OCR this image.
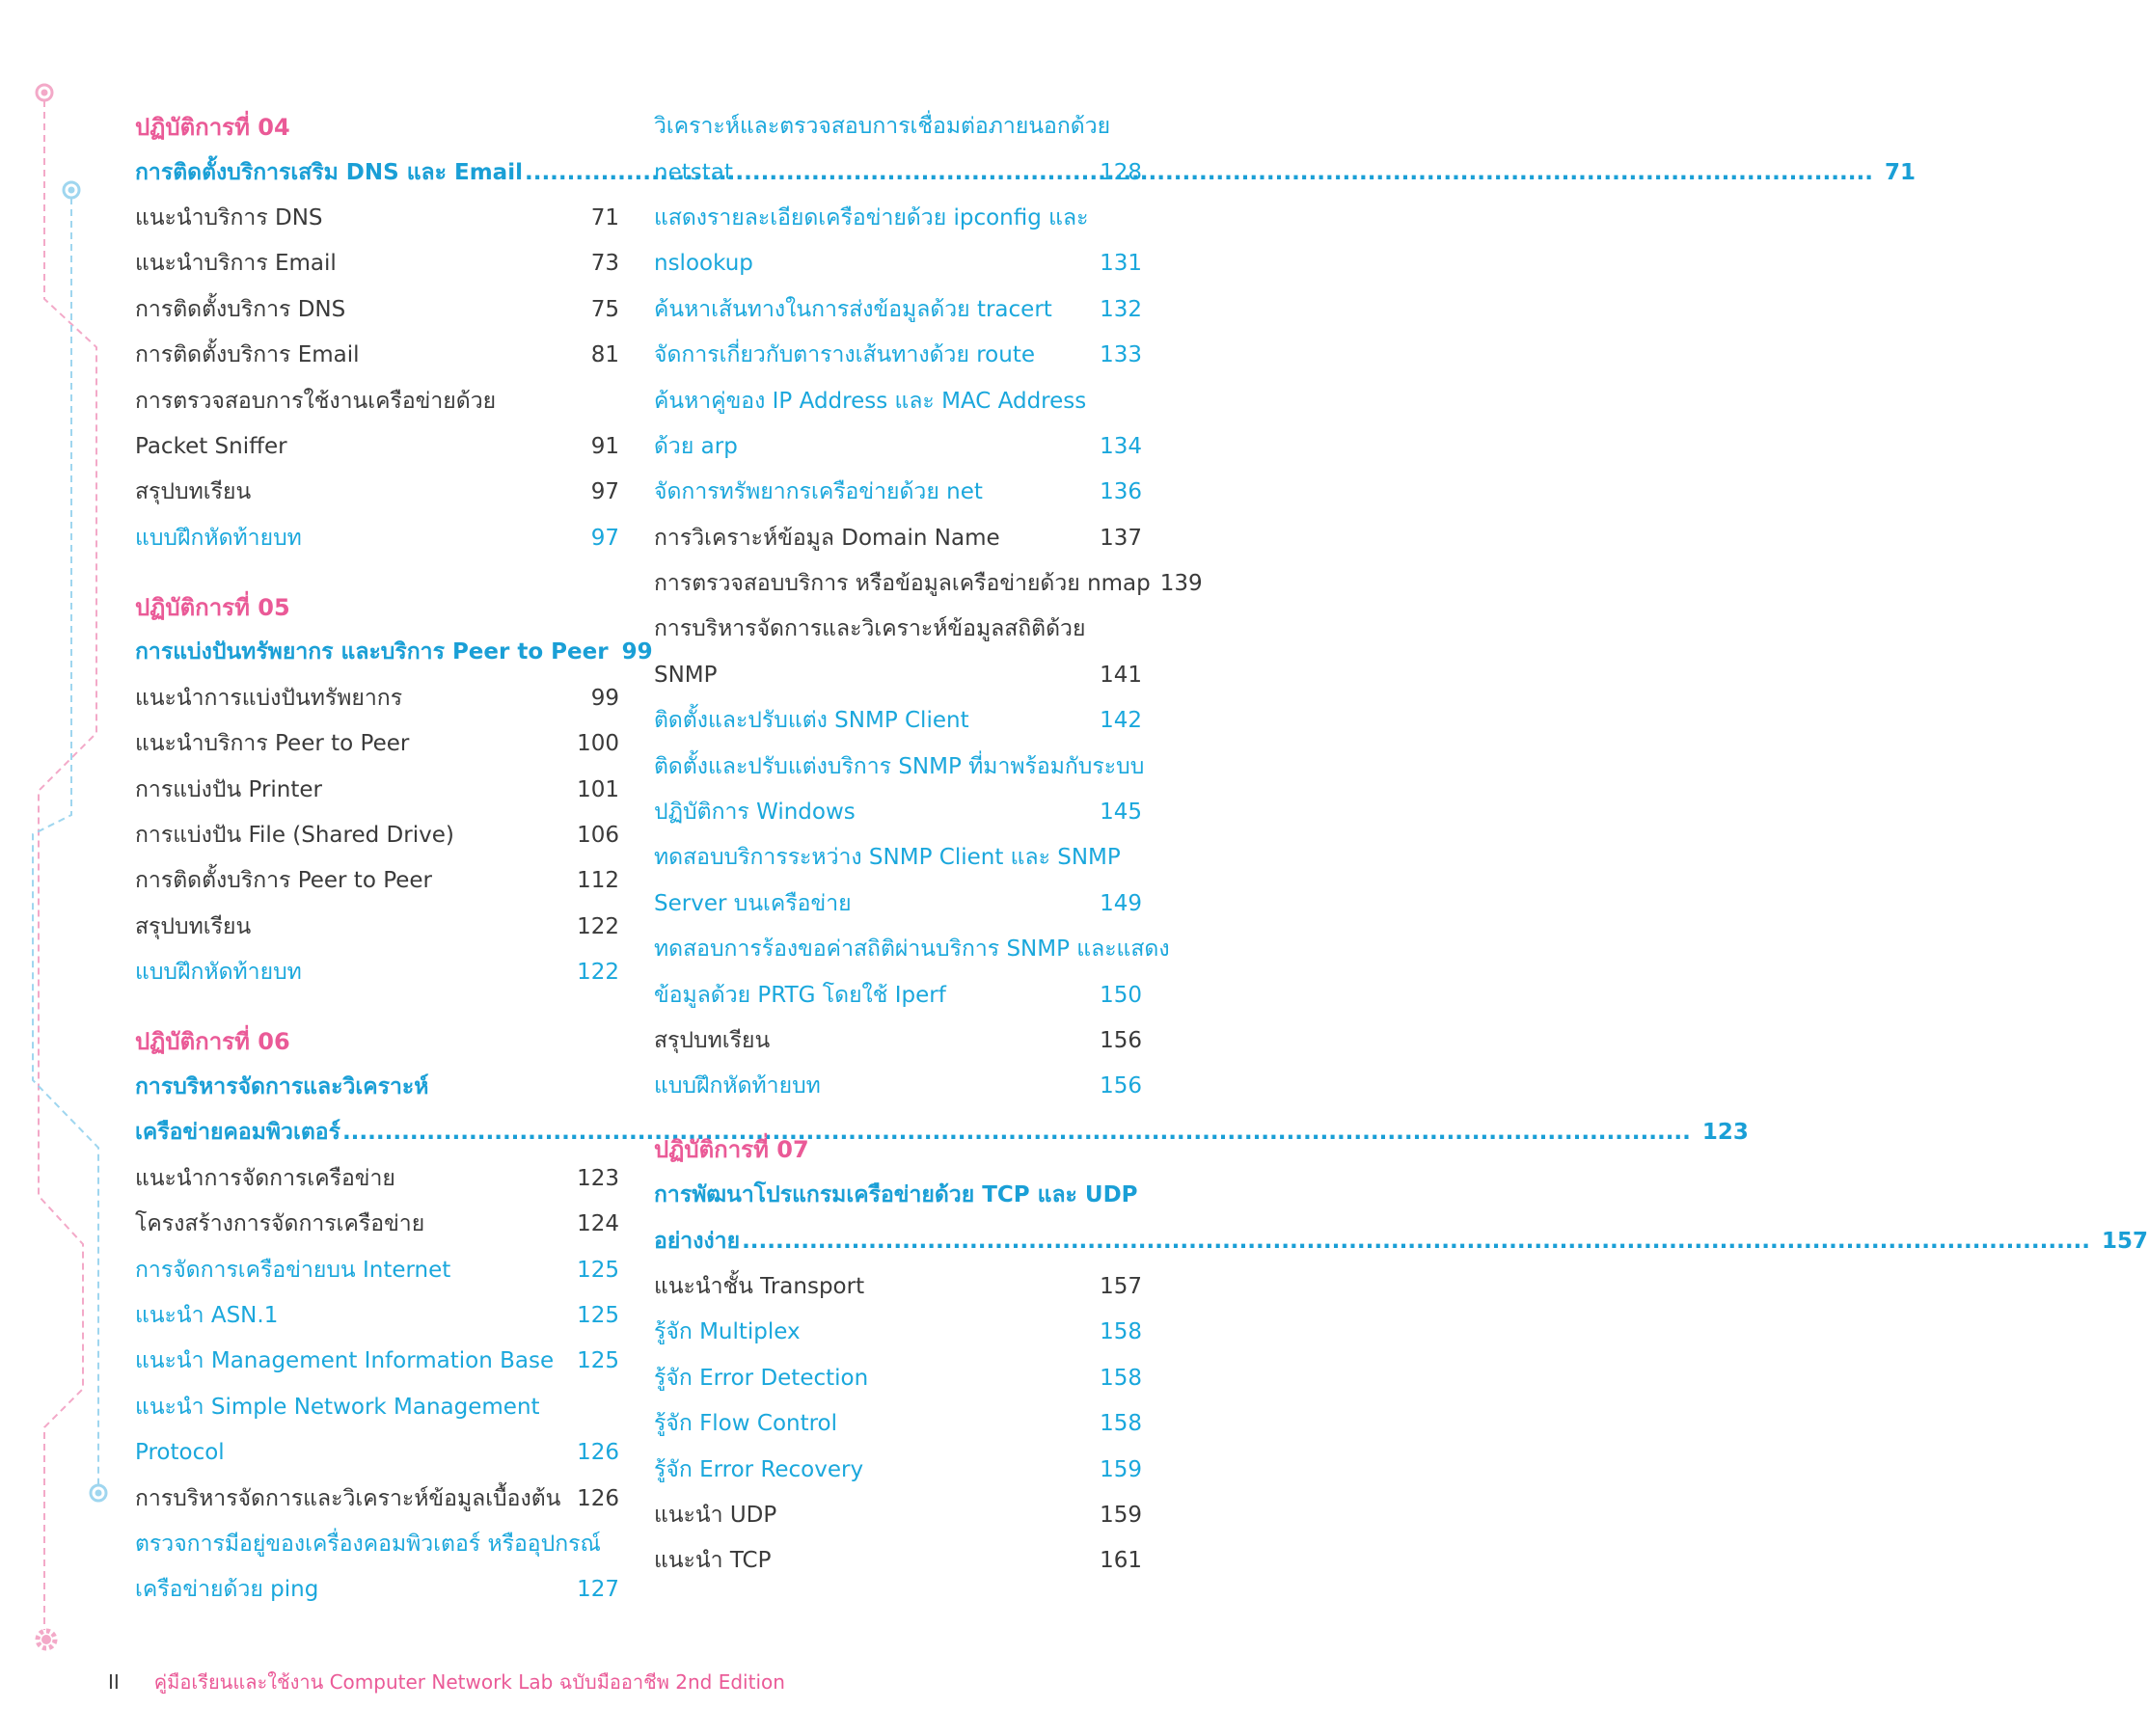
ปฏิบัติการที่ 04
การติดตั้งบริการเสริม DNS และ Email .....	71
แนะนำบริการ DNS	71
แนะนำบริการ Email	73
การติดตั้งบริการ DNS	75
การติดตั้งบริการ Email	81
การตรวจสอบการใช้งานเครือข่ายด้วย
Packet Sniffer	91
สรุปบทเรียน	97
แบบฝึกหัดท้ายบท	97
ปฏิบัติการที่ 05
การแบ่งปันทรัพยากร และบริการ Peer to Peer 99
แนะนำการแบ่งปันทรัพยากร	99
แนะนำบริการ Peer to Peer	100
การแบ่งปัน Printer	101
การแบ่งปัน File (Shared Drive)	106
การติดตั้งบริการ Peer to Peer	112
สรุปบทเรียน	122
แบบฝึกหัดท้ายบท	122
ปฏิบัติการที่ 06
การบริหารจัดการและวิเคราะห์
เครือข่ายคอมพิวเตอร์ .....	123
แนะนำการจัดการเครือข่าย	123
โครงสร้างการจัดการเครือข่าย	124
การจัดการเครือข่ายบน Internet	125
แนะนำ ASN.1	125
แนะนำ Management Information Base	125
แนะนำ Simple Network Management
Protocol	126
การบริหารจัดการและวิเคราะห์ข้อมูลเบื้องต้น 126
ตรวจการมีอยู่ของเครื่องคอมพิวเตอร์ หรืออุปกรณ์
เครือข่ายด้วย ping	127
วิเคราะห์และตรวจสอบการเชื่อมต่อภายนอกด้วย
netstat	128
แสดงรายละเอียดเครือข่ายด้วย ipconfig และ
nslookup	131
ค้นหาเส้นทางในการส่งข้อมูลด้วย tracert	132
จัดการเกี่ยวกับตารางเส้นทางด้วย route	133
ค้นหาคู่ของ IP Address และ MAC Address
ด้วย arp	134
จัดการทรัพยากรเครือข่ายด้วย net	136
การวิเคราะห์ข้อมูล Domain Name	137
การตรวจสอบบริการ หรือข้อมูลเครือข่ายด้วย nmap 139
การบริหารจัดการและวิเคราะห์ข้อมูลสถิติด้วย
SNMP	141
ติดตั้งและปรับแต่ง SNMP Client	142
ติดตั้งและปรับแต่งบริการ SNMP ที่มาพร้อมกับระบบ
ปฏิบัติการ Windows	145
ทดสอบบริการระหว่าง SNMP Client และ SNMP
Server บนเครือข่าย	149
ทดสอบการร้องขอค่าสถิติผ่านบริการ SNMP และแสดง
ข้อมูลด้วย PRTG โดยใช้ Iperf	150
สรุปบทเรียน	156
แบบฝึกหัดท้ายบท	156
ปฏิบัติการที่ 07
การพัฒนาโปรแกรมเครือข่ายด้วย TCP และ UDP
อย่างง่าย .....	157
แนะนำชั้น Transport	157
รู้จัก Multiplex	158
รู้จัก Error Detection	158
รู้จัก Flow Control	158
รู้จัก Error Recovery	159
แนะนำ UDP	159
แนะนำ TCP	161
II คู่มือเรียนและใช้งาน Computer Network Lab ฉบับมืออาชีพ 2nd Edition
